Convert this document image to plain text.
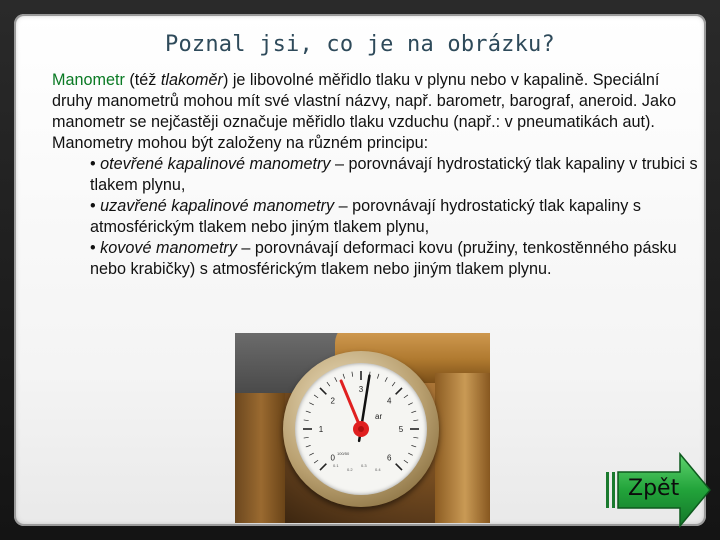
Poznal jsi, co je na obrázku?

Manometr (též tlakoměr) je libovolné měřidlo tlaku v plynu nebo v kapalině. Speciální druhy manometrů mohou mít své vlastní názvy, např. barometr, barograf, aneroid. Jako manometr se nejčastěji označuje měřidlo tlaku vzduchu (např.: v pneumatikách aut).

Manometry mohou být založeny na různém principu:

• otevřené kapalinové manometry – porovnávají hydrostatický tlak kapaliny v trubici s tlakem plynu,

• uzavřené kapalinové manometry – porovnávají hydrostatický tlak kapaliny s atmosférickým tlakem nebo jiným tlakem plynu,

• kovové manometry – porovnávají deformaci kovu (pružiny, tenkostěnného pásku nebo krabičky) s atmosférickým tlakem nebo jiným tlakem plynu.

0
1
2
3
4
5
6
ar
100/50
0.1
0.2
0.3
0.4
Zpět
